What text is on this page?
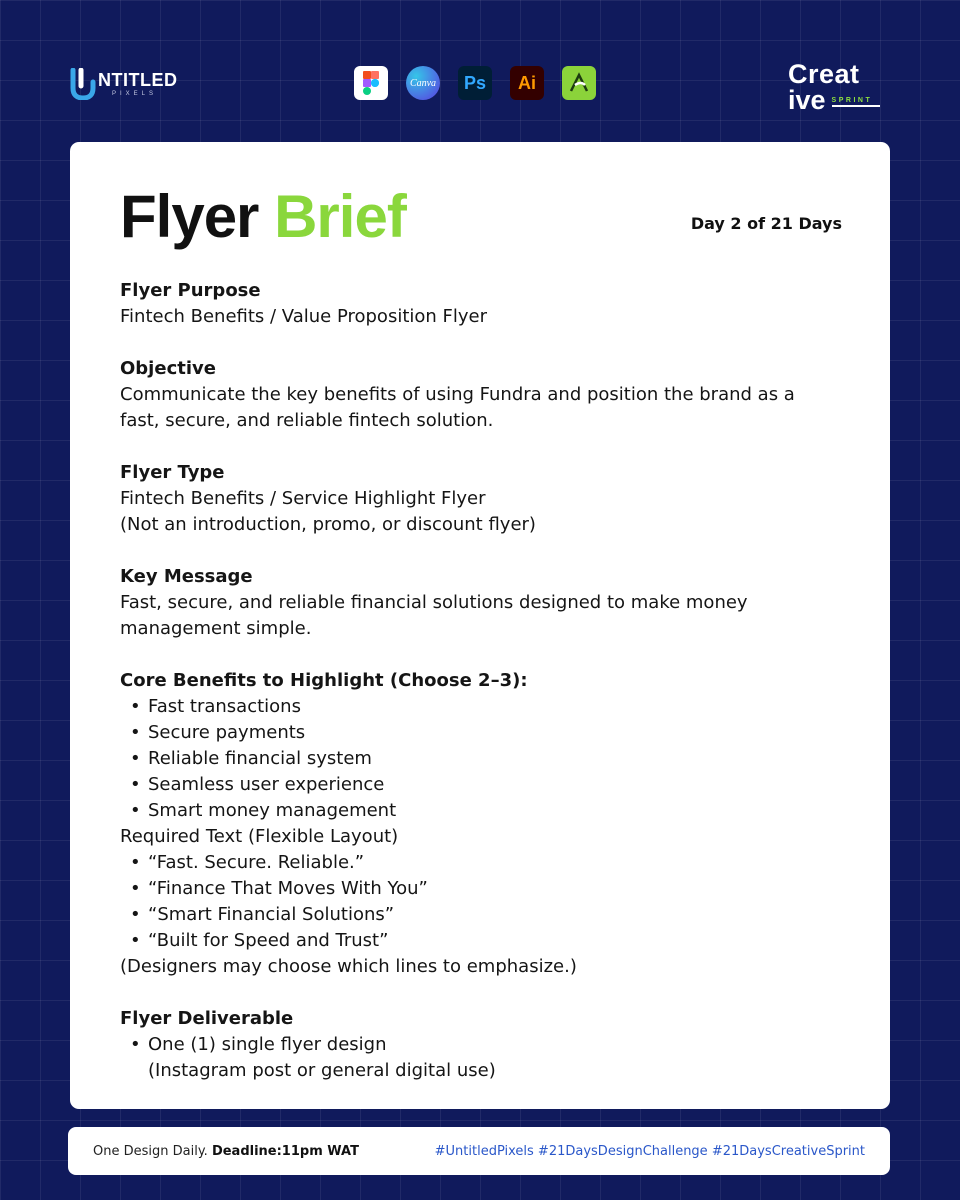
NTITLED
PIXELS
Canva	Ps	Ai	Creat
ive SPRINT
Flyer Brief	Day 2 of 21 Days
Flyer Purpose
Fintech Benefits / Value Proposition Flyer
Objective
Communicate the key benefits of using Fundra and position the brand as a
fast, secure, and reliable fintech solution.
Flyer Type
Fintech Benefits / Service Highlight Flyer
(Not an introduction, promo, or discount flyer)
Key Message
Fast, secure, and reliable financial solutions designed to make money
management simple.
Core Benefits to Highlight (Choose 2–3):
• Fast transactions
• Secure payments
• Reliable financial system
• Seamless user experience
• Smart money management
Required Text (Flexible Layout)
• “Fast. Secure. Reliable.”
• “Finance That Moves With You”
• “Smart Financial Solutions”
• “Built for Speed and Trust”
(Designers may choose which lines to emphasize.)
Flyer Deliverable
• One (1) single flyer design
(Instagram post or general digital use)
One Design Daily. Deadline:11pm WAT	#UntitledPixels #21DaysDesignChallenge #21DaysCreativeSprint
